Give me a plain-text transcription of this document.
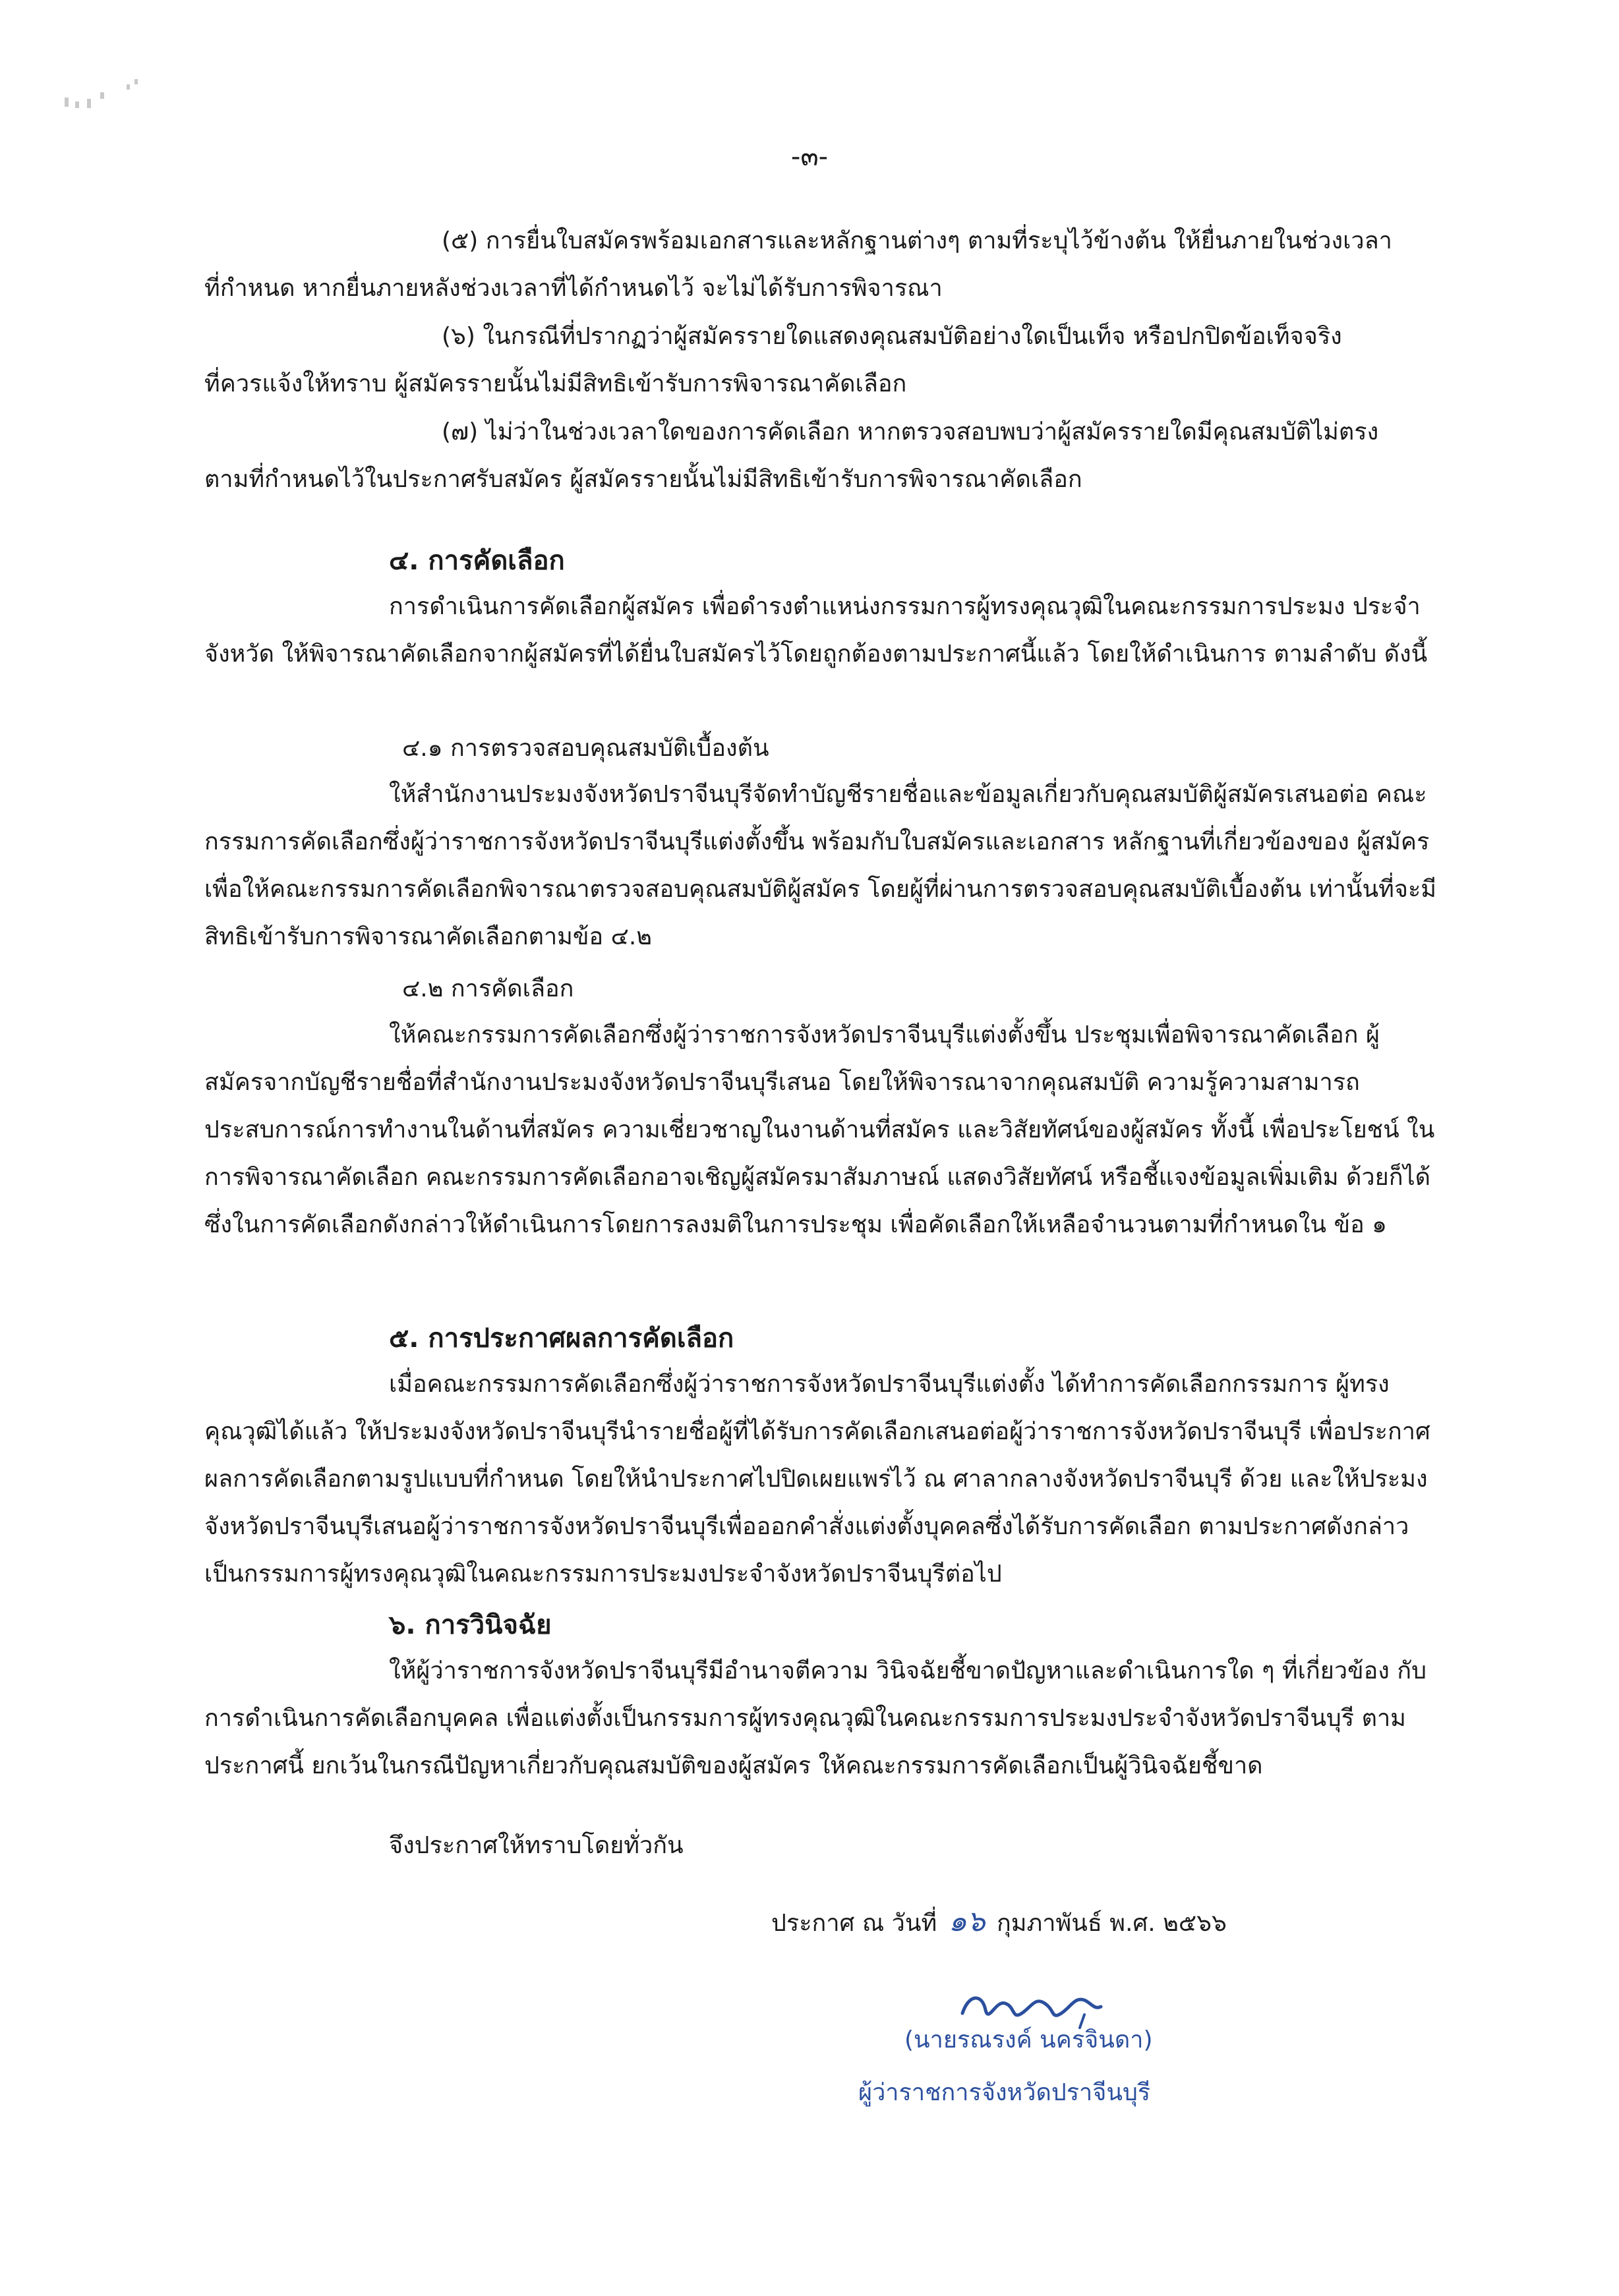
-๓-

(๕) การยื่นใบสมัครพร้อมเอกสารและหลักฐานต่างๆ ตามที่ระบุไว้ข้างต้น ให้ยื่นภายในช่วงเวลา
ที่กำหนด หากยื่นภายหลังช่วงเวลาที่ได้กำหนดไว้ จะไม่ได้รับการพิจารณา

(๖) ในกรณีที่ปรากฏว่าผู้สมัครรายใดแสดงคุณสมบัติอย่างใดเป็นเท็จ หรือปกปิดข้อเท็จจริง
ที่ควรแจ้งให้ทราบ ผู้สมัครรายนั้นไม่มีสิทธิเข้ารับการพิจารณาคัดเลือก

(๗) ไม่ว่าในช่วงเวลาใดของการคัดเลือก หากตรวจสอบพบว่าผู้สมัครรายใดมีคุณสมบัติไม่ตรง
ตามที่กำหนดไว้ในประกาศรับสมัคร ผู้สมัครรายนั้นไม่มีสิทธิเข้ารับการพิจารณาคัดเลือก

๔. การคัดเลือก

การดำเนินการคัดเลือกผู้สมัคร เพื่อดำรงตำแหน่งกรรมการผู้ทรงคุณวุฒิในคณะกรรมการประมง ประจำจังหวัด ให้พิจารณาคัดเลือกจากผู้สมัครที่ได้ยื่นใบสมัครไว้โดยถูกต้องตามประกาศนี้แล้ว โดยให้ดำเนินการ ตามลำดับ ดังนี้

๔.๑ การตรวจสอบคุณสมบัติเบื้องต้น

ให้สำนักงานประมงจังหวัดปราจีนบุรีจัดทำบัญชีรายชื่อและข้อมูลเกี่ยวกับคุณสมบัติผู้สมัครเสนอต่อ คณะกรรมการคัดเลือกซึ่งผู้ว่าราชการจังหวัดปราจีนบุรีแต่งตั้งขึ้น พร้อมกับใบสมัครและเอกสาร หลักฐานที่เกี่ยวข้องของ ผู้สมัคร เพื่อให้คณะกรรมการคัดเลือกพิจารณาตรวจสอบคุณสมบัติผู้สมัคร โดยผู้ที่ผ่านการตรวจสอบคุณสมบัติเบื้องต้น เท่านั้นที่จะมีสิทธิเข้ารับการพิจารณาคัดเลือกตามข้อ ๔.๒

๔.๒ การคัดเลือก

ให้คณะกรรมการคัดเลือกซึ่งผู้ว่าราชการจังหวัดปราจีนบุรีแต่งตั้งขึ้น ประชุมเพื่อพิจารณาคัดเลือก ผู้สมัครจากบัญชีรายชื่อที่สำนักงานประมงจังหวัดปราจีนบุรีเสนอ โดยให้พิจารณาจากคุณสมบัติ ความรู้ความสามารถ ประสบการณ์การทำงานในด้านที่สมัคร ความเชี่ยวชาญในงานด้านที่สมัคร และวิสัยทัศน์ของผู้สมัคร ทั้งนี้ เพื่อประโยชน์ ในการพิจารณาคัดเลือก คณะกรรมการคัดเลือกอาจเชิญผู้สมัครมาสัมภาษณ์ แสดงวิสัยทัศน์ หรือชี้แจงข้อมูลเพิ่มเติม ด้วยก็ได้ ซึ่งในการคัดเลือกดังกล่าวให้ดำเนินการโดยการลงมติในการประชุม เพื่อคัดเลือกให้เหลือจำนวนตามที่กำหนดใน ข้อ ๑

๕. การประกาศผลการคัดเลือก

เมื่อคณะกรรมการคัดเลือกซึ่งผู้ว่าราชการจังหวัดปราจีนบุรีแต่งตั้ง ได้ทำการคัดเลือกกรรมการ ผู้ทรงคุณวุฒิได้แล้ว ให้ประมงจังหวัดปราจีนบุรีนำรายชื่อผู้ที่ได้รับการคัดเลือกเสนอต่อผู้ว่าราชการจังหวัดปราจีนบุรี เพื่อประกาศผลการคัดเลือกตามรูปแบบที่กำหนด โดยให้นำประกาศไปปิดเผยแพร่ไว้ ณ ศาลากลางจังหวัดปราจีนบุรี ด้วย และให้ประมงจังหวัดปราจีนบุรีเสนอผู้ว่าราชการจังหวัดปราจีนบุรีเพื่อออกคำสั่งแต่งตั้งบุคคลซึ่งได้รับการคัดเลือก ตามประกาศดังกล่าว เป็นกรรมการผู้ทรงคุณวุฒิในคณะกรรมการประมงประจำจังหวัดปราจีนบุรีต่อไป

๖. การวินิจฉัย

ให้ผู้ว่าราชการจังหวัดปราจีนบุรีมีอำนาจตีความ วินิจฉัยชี้ขาดปัญหาและดำเนินการใด ๆ ที่เกี่ยวข้อง กับการดำเนินการคัดเลือกบุคคล เพื่อแต่งตั้งเป็นกรรมการผู้ทรงคุณวุฒิในคณะกรรมการประมงประจำจังหวัดปราจีนบุรี ตามประกาศนี้ ยกเว้นในกรณีปัญหาเกี่ยวกับคุณสมบัติของผู้สมัคร ให้คณะกรรมการคัดเลือกเป็นผู้วินิจฉัยชี้ขาด

จึงประกาศให้ทราบโดยทั่วกัน
ประกาศ ณ วันที่ ๑๖ กุมภาพันธ์ พ.ศ. ๒๕๖๖
(นายรณรงค์ นครจินดา)
ผู้ว่าราชการจังหวัดปราจีนบุรี
